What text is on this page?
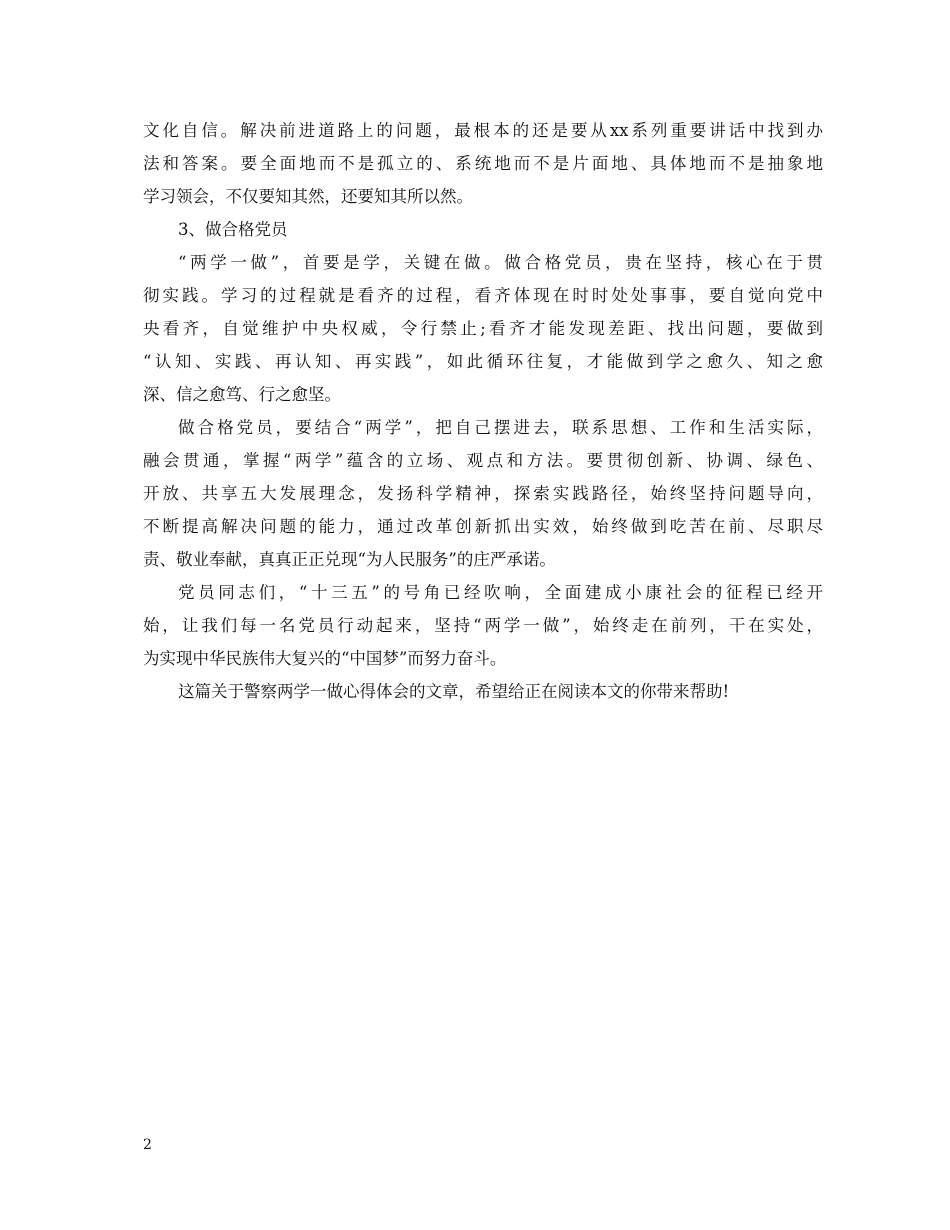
文化自信。解决前进道路上的问题，最根本的还是要从xx系列重要讲话中找到办
法和答案。要全面地而不是孤立的、系统地而不是片面地、具体地而不是抽象地
学习领会，不仅要知其然，还要知其所以然。
3、做合格党员
“两学一做”，首要是学，关键在做。做合格党员，贵在坚持，核心在于贯
彻实践。学习的过程就是看齐的过程，看齐体现在时时处处事事，要自觉向党中
央看齐，自觉维护中央权威，令行禁止;看齐才能发现差距、找出问题，要做到
“认知、实践、再认知、再实践”，如此循环往复，才能做到学之愈久、知之愈
深、信之愈笃、行之愈坚。
做合格党员，要结合“两学”，把自己摆进去，联系思想、工作和生活实际，
融会贯通，掌握“两学”蕴含的立场、观点和方法。要贯彻创新、协调、绿色、
开放、共享五大发展理念，发扬科学精神，探索实践路径，始终坚持问题导向，
不断提高解决问题的能力，通过改革创新抓出实效，始终做到吃苦在前、尽职尽
责、敬业奉献，真真正正兑现“为人民服务”的庄严承诺。
党员同志们，“十三五”的号角已经吹响，全面建成小康社会的征程已经开
始，让我们每一名党员行动起来，坚持“两学一做”，始终走在前列，干在实处，
为实现中华民族伟大复兴的“中国梦”而努力奋斗。
这篇关于警察两学一做心得体会的文章，希望给正在阅读本文的你带来帮助!
2
